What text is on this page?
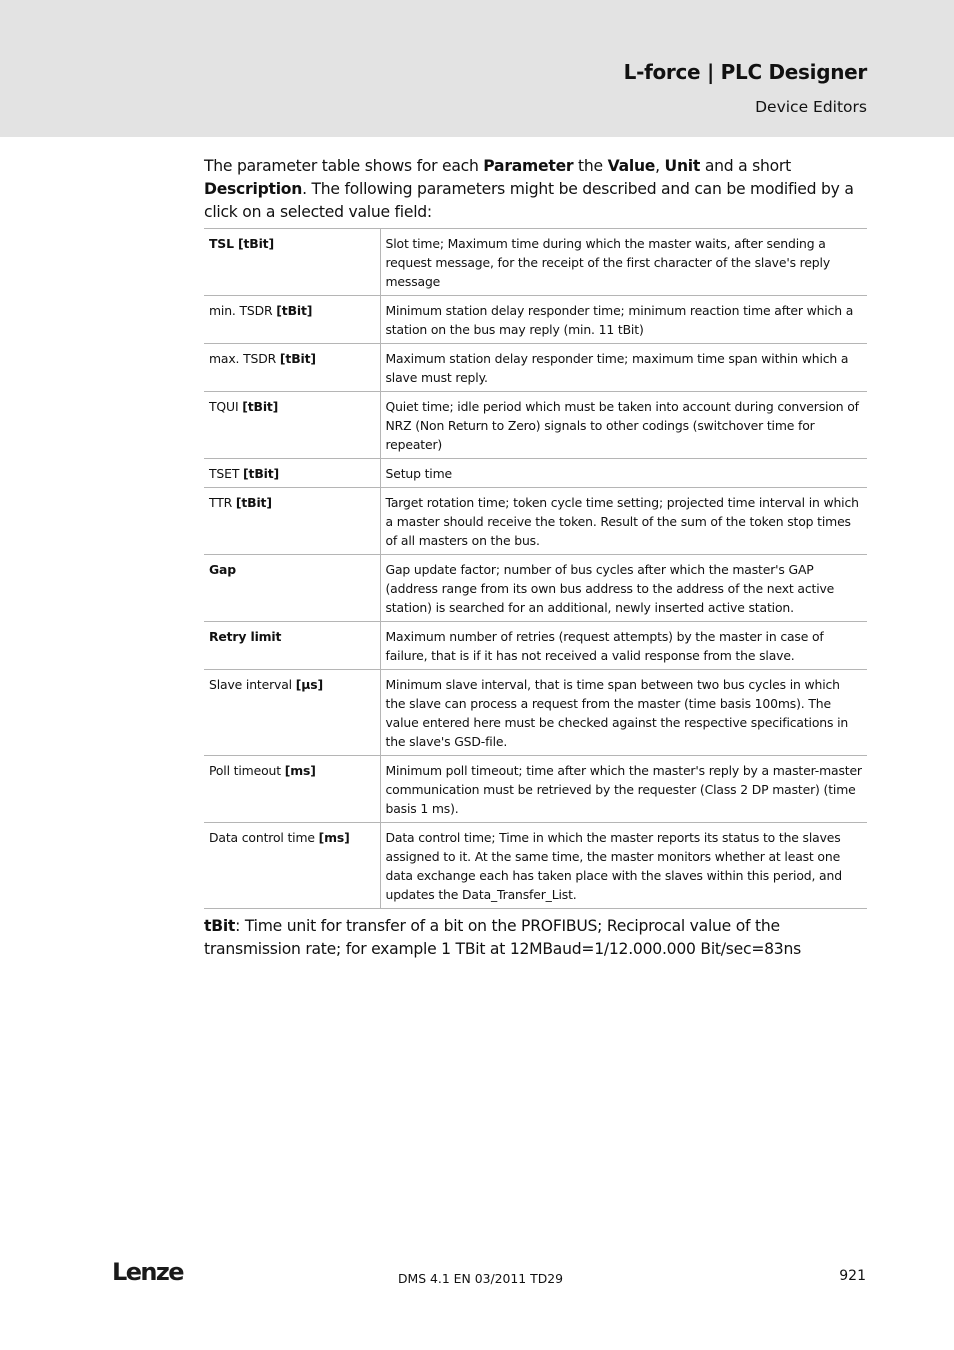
L-force | PLC Designer
Device Editors

The parameter table shows for each Parameter the Value, Unit and a short Description. The following parameters might be described and can be modified by a click on a selected value field:

TSL [tBit]	Slot time; Maximum time during which the master waits, after sending a request message, for the receipt of the first character of the slave's reply message
min. TSDR [tBit]	Minimum station delay responder time; minimum reaction time after which a station on the bus may reply (min. 11 tBit)
max. TSDR [tBit]	Maximum station delay responder time; maximum time span within which a slave must reply.
TQUI [tBit]	Quiet time; idle period which must be taken into account during conversion of NRZ (Non Return to Zero) signals to other codings (switchover time for repeater)
TSET [tBit]	Setup time
TTR [tBit]	Target rotation time; token cycle time setting; projected time interval in which a master should receive the token. Result of the sum of the token stop times of all masters on the bus.
Gap	Gap update factor; number of bus cycles after which the master's GAP (address range from its own bus address to the address of the next active station) is searched for an additional, newly inserted active station.
Retry limit	Maximum number of retries (request attempts) by the master in case of failure, that is if it has not received a valid response from the slave.
Slave interval [µs]	Minimum slave interval, that is time span between two bus cycles in which the slave can process a request from the master (time basis 100ms). The value entered here must be checked against the respective specifications in the slave's GSD-file.
Poll timeout [ms]	Minimum poll timeout; time after which the master's reply by a master-master communication must be retrieved by the requester (Class 2 DP master) (time basis 1 ms).
Data control time [ms]	Data control time; Time in which the master reports its status to the slaves assigned to it. At the same time, the master monitors whether at least one data exchange each has taken place with the slaves within this period, and updates the Data_Transfer_List.

tBit: Time unit for transfer of a bit on the PROFIBUS; Reciprocal value of the transmission rate; for example 1 TBit at 12MBaud=1/12.000.000 Bit/sec=83ns

Lenze	DMS 4.1 EN 03/2011 TD29	921
